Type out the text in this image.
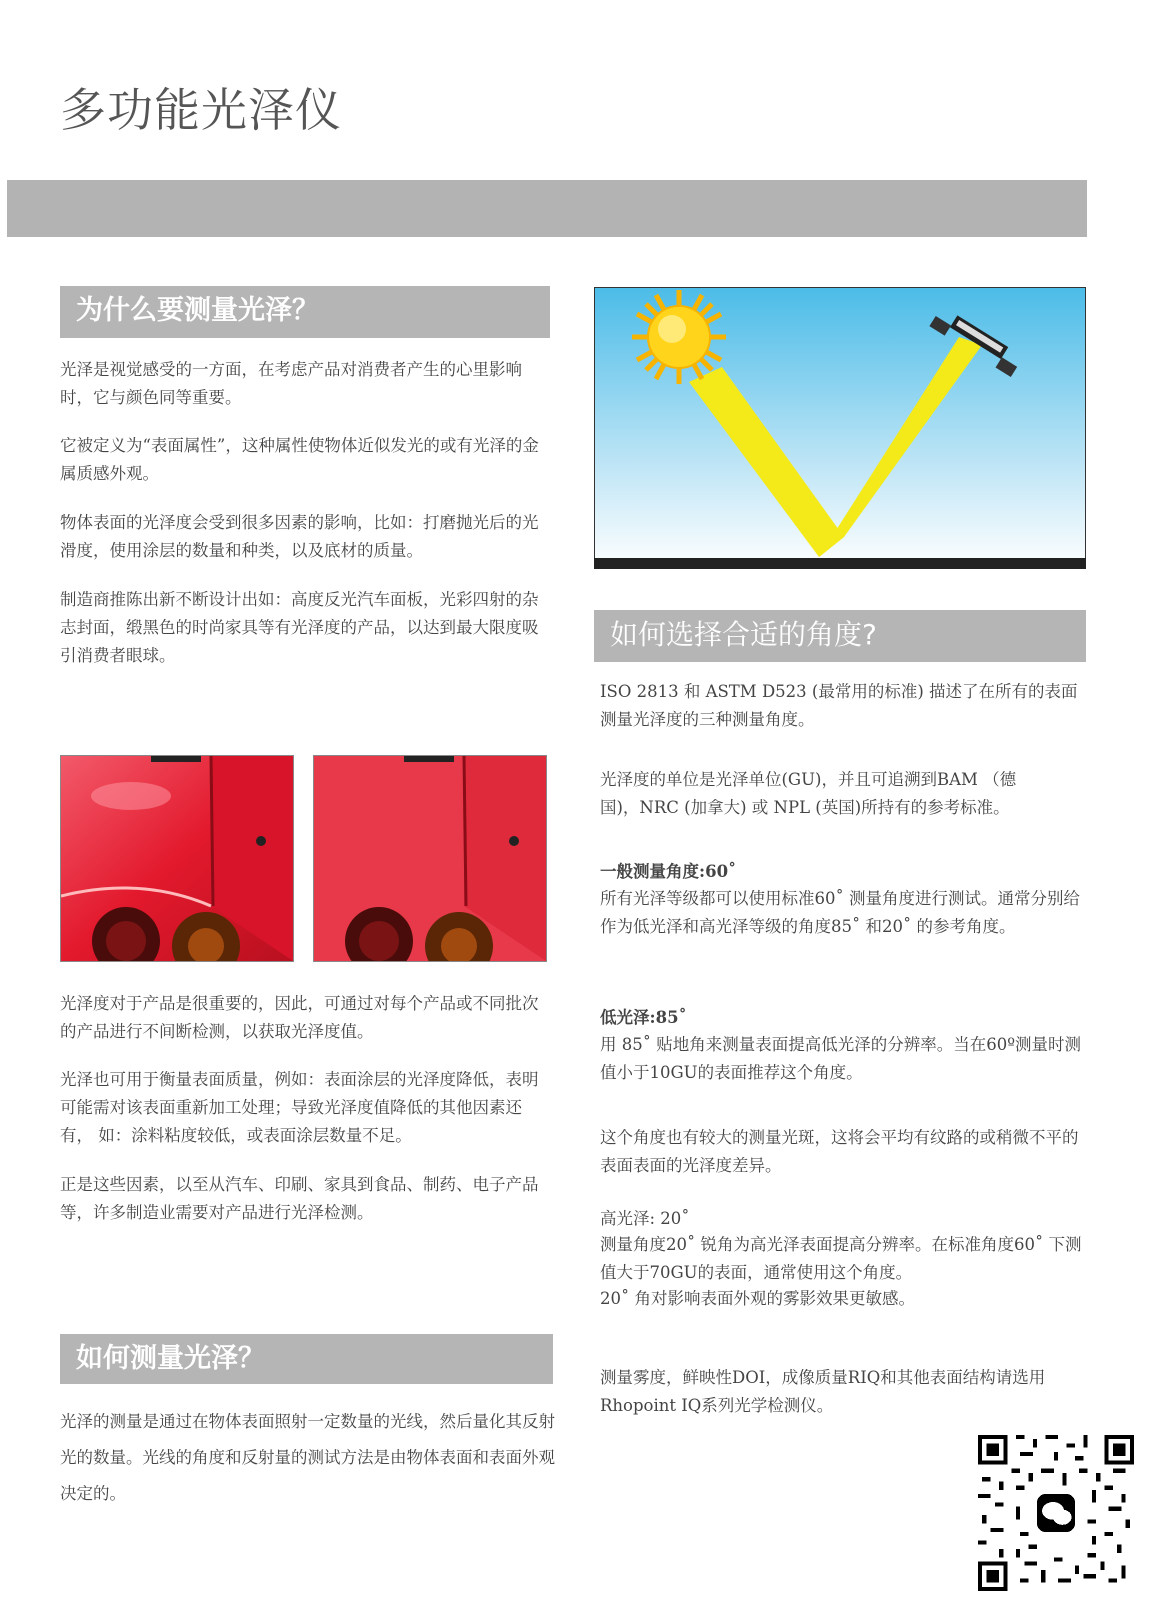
多功能光泽仪
为什么要测量光泽？

光泽是视觉感受的一方面，在考虑产品对消费者产生的心里影响时，它与颜色同等重要。

它被定义为“表面属性”，这种属性使物体近似发光的或有光泽的金 属质感外观。

物体表面的光泽度会受到很多因素的影响，比如：打磨抛光后的光 滑度，使用涂层的数量和种类，以及底材的质量。

制造商推陈出新不断设计出如：高度反光汽车面板，光彩四射的杂 志封面，缎黑色的时尚家具等有光泽度的产品，以达到最大限度吸 引消费者眼球。

光泽度对于产品是很重要的，因此，可通过对每个产品或不同批次的产品进行不间断检测，以获取光泽度值。

光泽也可用于衡量表面质量，例如：表面涂层的光泽度降低，表明可能需对该表面重新加工处理；导致光泽度值降低的其他因素还有， 如：涂料粘度较低，或表面涂层数量不足。

正是这些因素，以至从汽车、印刷、家具到食品、制药、电子产品 等，许多制造业需要对产品进行光泽检测。

如何测量光泽？

光泽的测量是通过在物体表面照射一定数量的光线，然后量化其反射光的数量。光线的角度和反射量的测试方法是由物体表面和表面外观决定的。

如何选择合适的角度?

ISO 2813 和 ASTM D523 (最常用的标准) 描述了在所有的表面测量光泽度的三种测量角度。

光泽度的单位是光泽单位(GU)，并且可追溯到BAM （德国)，NRC (加拿大) 或 NPL (英国)所持有的参考标准。

一般测量角度:60˚

所有光泽等级都可以使用标准60˚ 测量角度进行测试。通常分别给作为低光泽和高光泽等级的角度85˚ 和20˚ 的参考角度。

低光泽:85˚

用 85˚ 贴地角来测量表面提高低光泽的分辨率。当在60º测量时测值小于10GU的表面推荐这个角度。

这个角度也有较大的测量光斑，这将会平均有纹路的或稍微不平的表面表面的光泽度差异。

高光泽: 20˚

测量角度20˚ 锐角为高光泽表面提高分辨率。在标准角度60˚ 下测值大于70GU的表面，通常使用这个角度。

20˚ 角对影响表面外观的雾影效果更敏感。

测量雾度，鲜映性DOI，成像质量RIQ和其他表面结构请选用Rhopoint IQ系列光学检测仪。
